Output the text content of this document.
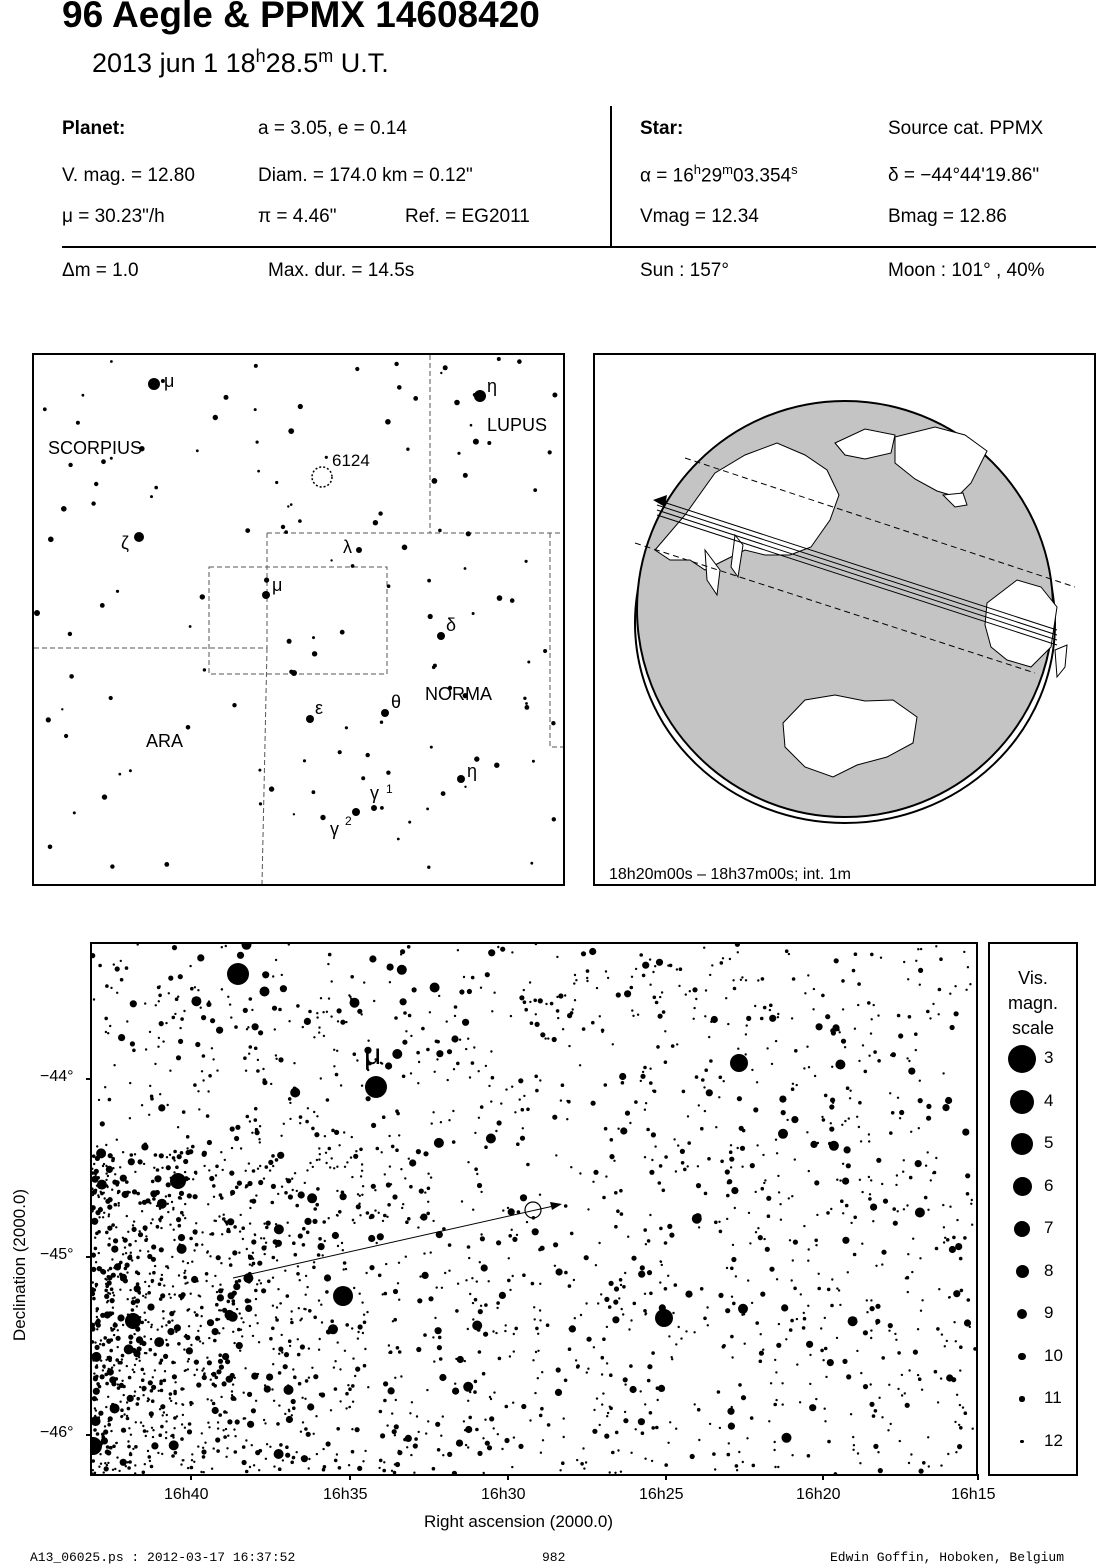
96 Aegle & PPMX 14608420
2013 jun 1 18$^h$28.5$^m$ U.T.
Planet:	a = 3.05, e = 0.14
V. mag. = 12.80	Diam. = 174.0 km = 0.12"
μ = 30.23"/h	π = 4.46"	Ref. = EG2011
Star:	Source cat. PPMX
$\alpha = 16^h29^m03.354^s$	δ = −44°44'19.86"
Vmag = 12.34	Bmag = 12.86
Δm = 1.0	Max. dur. = 14.5s	Sun : 157°	Moon : 101° , 40%
SCORPIUS
LUPUS
ARA
NORMA
6124
μ	η
ζ	λ
μ
δ
ε	θ
η
γ 1
γ 2
18h20m00s – 18h37m00s; int. 1m
μ
−44°
−45°
−46°
16h40	16h35	16h30	16h25	16h20	16h15
Declination (2000.0)
Right ascension (2000.0)
Vis.
magn.
scale
3
4
5
6
7
8
9
10
11
12
A13_06025.ps : 2012-03-17 16:37:52	982	Edwin Goffin, Hoboken, Belgium
